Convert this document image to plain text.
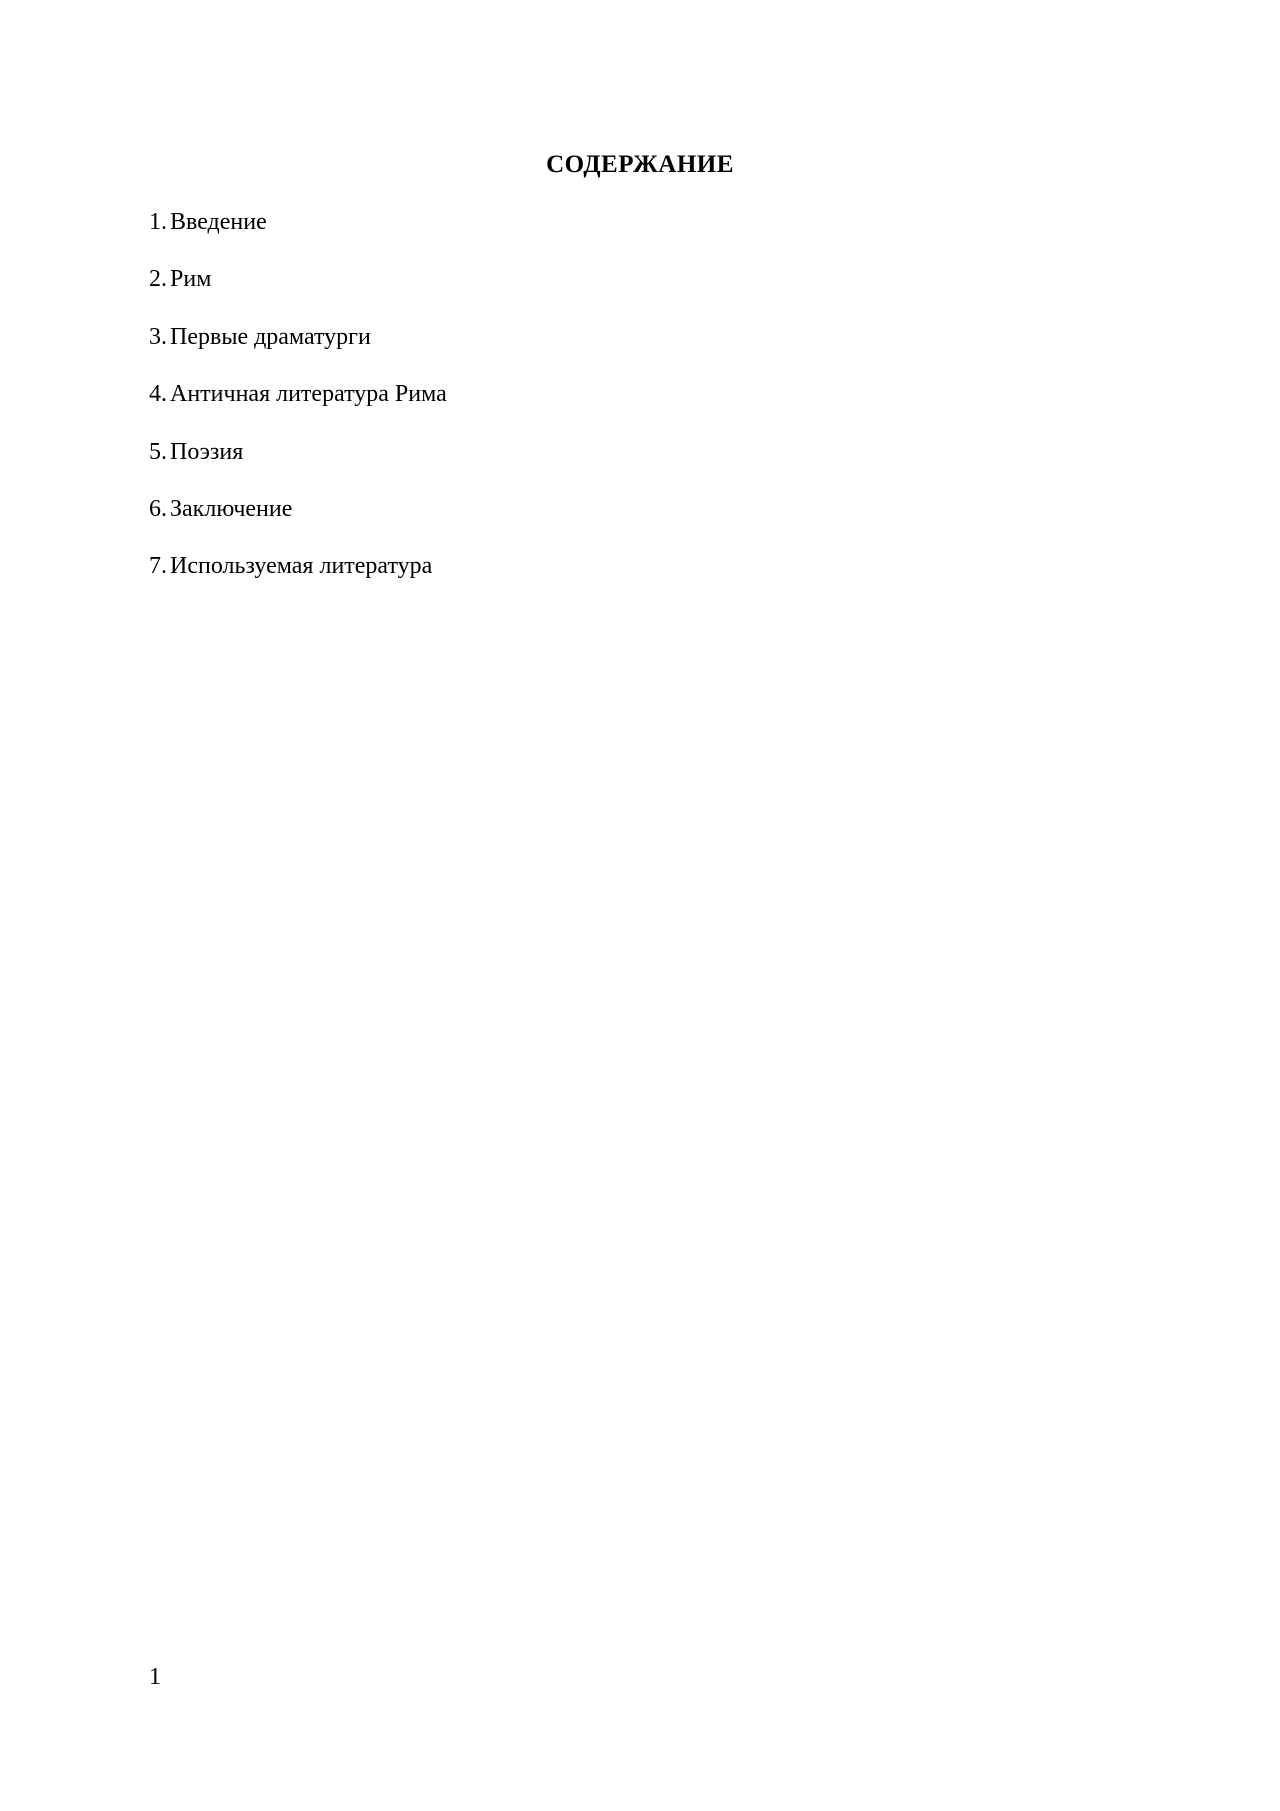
СОДЕРЖАНИЕ
1. Введение
2. Рим
3. Первые драматурги
4. Античная литература Рима
5. Поэзия
6. Заключение
7. Используемая литература
1
